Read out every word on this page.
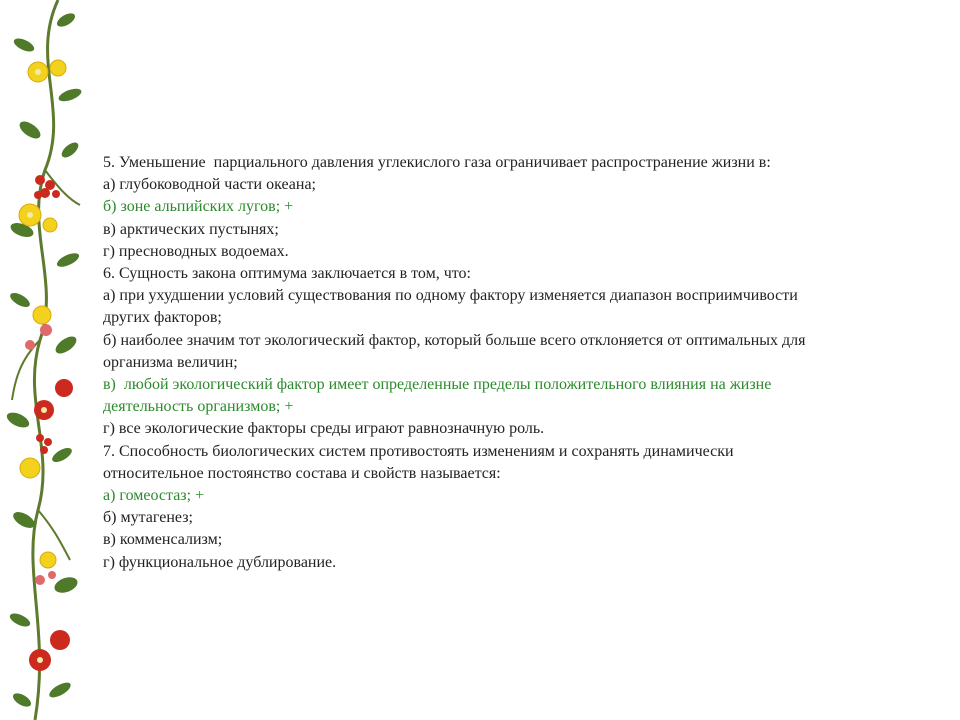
5. Уменьшение  парциального давления углекислого газа ограничивает распространение жизни в:

а) глубоководной части океана;

б) зоне альпийских лугов; +

в) арктических пустынях;

г) пресноводных водоемах.

6. Сущность закона оптимума заключается в том, что:

а) при ухудшении условий существования по одному фактору изменяется диапазон восприимчивости

других факторов;

б) наиболее значим тот экологический фактор, который больше всего отклоняется от оптимальных для

организма величин;

в)  любой экологический фактор имеет определенные пределы положительного влияния на жизне

деятельность организмов; +

г) все экологические факторы среды играют равнозначную роль.

7. Способность биологических систем противостоять изменениям и сохранять динамически

относительное постоянство состава и свойств называется:

а) гомеостаз; +

б) мутагенез;

в) комменсализм;

г) функциональное дублирование.
